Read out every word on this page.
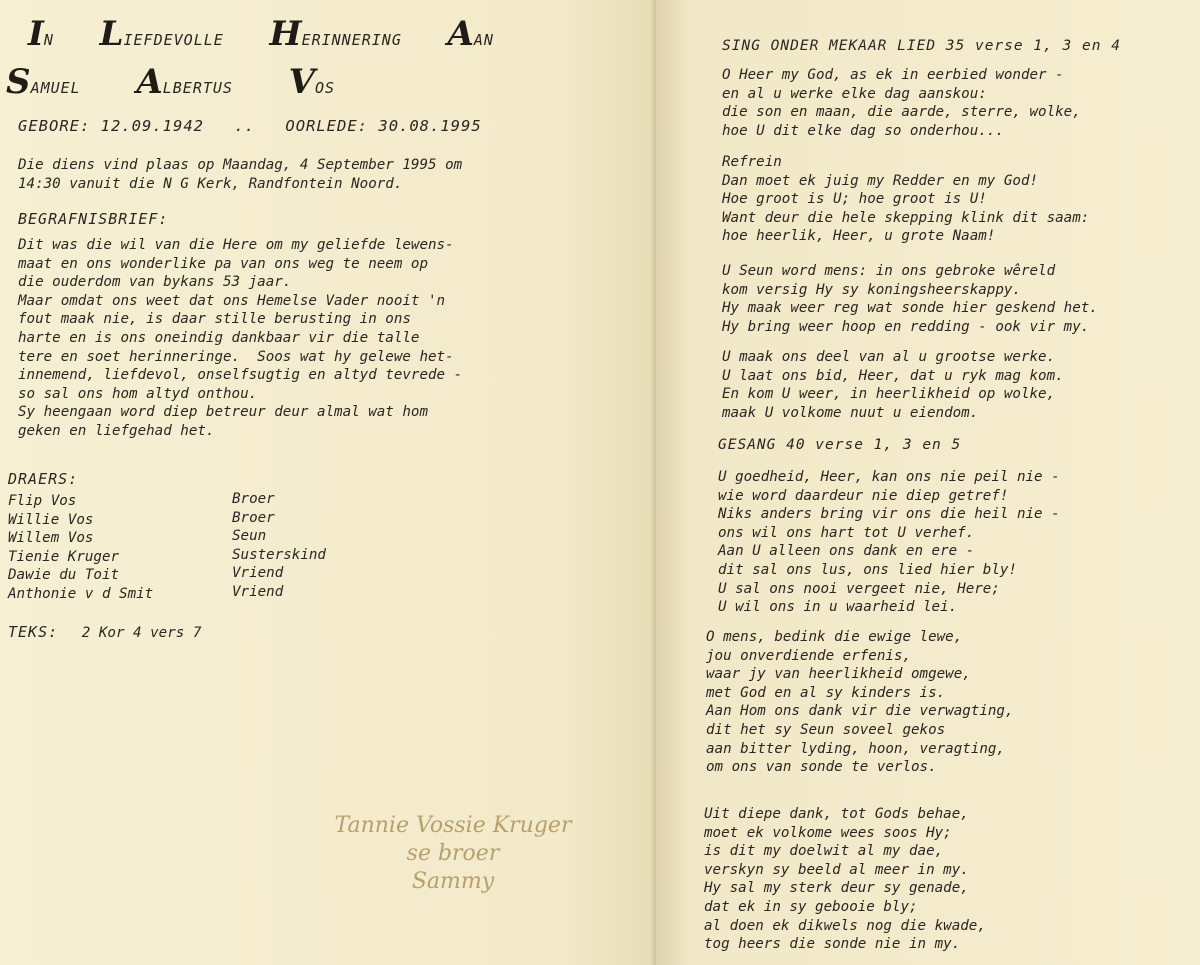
IN LIEFDEVOLLE HERINNERING AAN
SAMUEL ALBERTUS VOS
GEBORE: 12.09.1942 .. OORLEDE: 30.08.1995
Die diens vind plaas op Maandag, 4 September 1995 om
14:30 vanuit die N G Kerk, Randfontein Noord.
BEGRAFNISBRIEF:
Dit was die wil van die Here om my geliefde lewens-
maat en ons wonderlike pa van ons weg te neem op
die ouderdom van bykans 53 jaar.
Maar omdat ons weet dat ons Hemelse Vader nooit 'n
fout maak nie, is daar stille berusting in ons
harte en is ons oneindig dankbaar vir die talle
tere en soet herinneringe.  Soos wat hy gelewe het-
innemend, liefdevol, onselfsugtig en altyd tevrede -
so sal ons hom altyd onthou.
Sy heengaan word diep betreur deur almal wat hom
geken en liefgehad het.
DRAERS:
Flip Vos	Broer
Willie Vos	Broer
Willem Vos	Seun
Tienie Kruger	Susterskind
Dawie du Toit	Vriend
Anthonie v d Smit	Vriend
TEKS: 2 Kor 4 vers 7
Tannie Vossie Kruger
se broer
Sammy
SING ONDER MEKAAR LIED 35 verse 1, 3 en 4
O Heer my God, as ek in eerbied wonder -
en al u werke elke dag aanskou:
die son en maan, die aarde, sterre, wolke,
hoe U dit elke dag so onderhou...
Refrein
Dan moet ek juig my Redder en my God!
Hoe groot is U; hoe groot is U!
Want deur die hele skepping klink dit saam:
hoe heerlik, Heer, u grote Naam!
U Seun word mens: in ons gebroke wêreld
kom versig Hy sy koningsheerskappy.
Hy maak weer reg wat sonde hier geskend het.
Hy bring weer hoop en redding - ook vir my.
U maak ons deel van al u grootse werke.
U laat ons bid, Heer, dat u ryk mag kom.
En kom U weer, in heerlikheid op wolke,
maak U volkome nuut u eiendom.
GESANG 40 verse 1, 3 en 5
U goedheid, Heer, kan ons nie peil nie -
wie word daardeur nie diep getref!
Niks anders bring vir ons die heil nie -
ons wil ons hart tot U verhef.
Aan U alleen ons dank en ere -
dit sal ons lus, ons lied hier bly!
U sal ons nooi vergeet nie, Here;
U wil ons in u waarheid lei.
O mens, bedink die ewige lewe,
jou onverdiende erfenis,
waar jy van heerlikheid omgewe,
met God en al sy kinders is.
Aan Hom ons dank vir die verwagting,
dit het sy Seun soveel gekos
aan bitter lyding, hoon, veragting,
om ons van sonde te verlos.
Uit diepe dank, tot Gods behae,
moet ek volkome wees soos Hy;
is dit my doelwit al my dae,
verskyn sy beeld al meer in my.
Hy sal my sterk deur sy genade,
dat ek in sy gebooie bly;
al doen ek dikwels nog die kwade,
tog heers die sonde nie in my.
